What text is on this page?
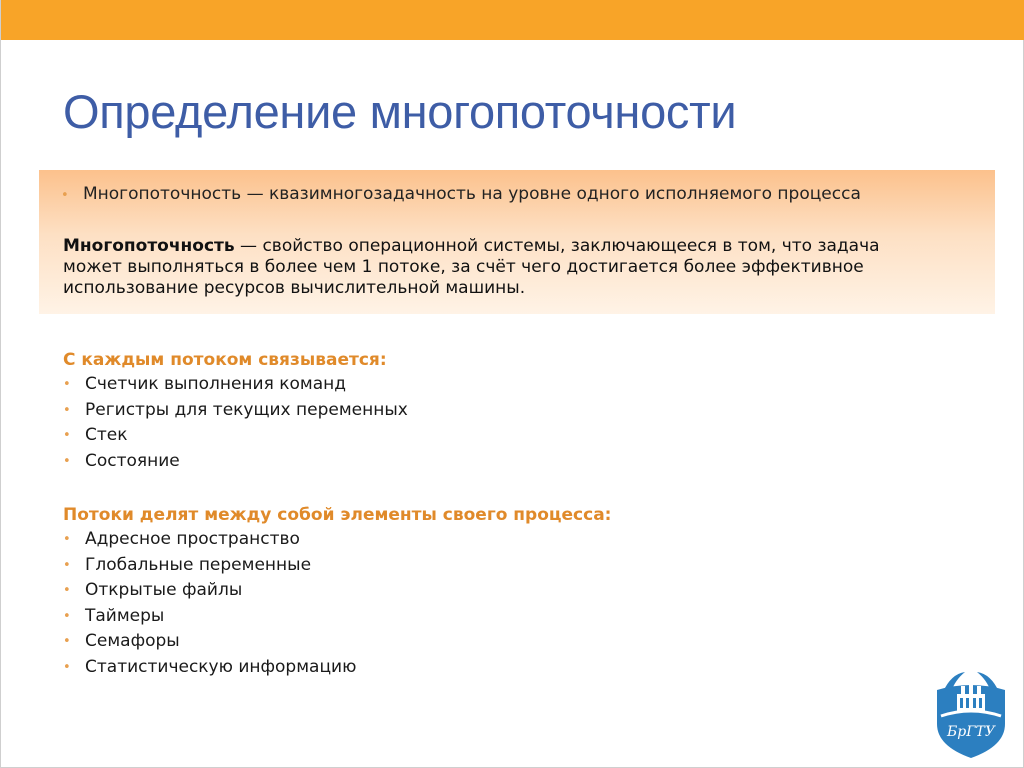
Определение многопоточности
• Многопоточность — квазимногозадачность на уровне одного исполняемого процесса

Многопоточность — свойство операционной системы, заключающееся в том, что задача может выполняться в более чем 1 потоке, за счёт чего достигается более эффективное использование ресурсов вычислительной машины.

С каждым потоком связывается:

• Счетчик выполнения команд
• Регистры для текущих переменных
• Стек
• Состояние

Потоки делят между собой элементы своего процесса:

• Адресное пространство
• Глобальные переменные
• Открытые файлы
• Таймеры
• Семафоры
• Статистическую информацию
БрГТУ
